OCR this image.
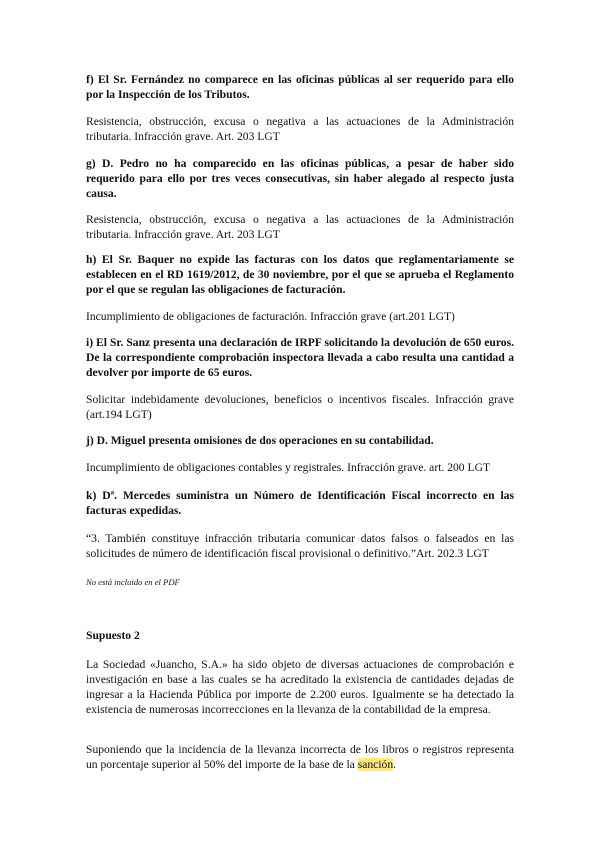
f) El Sr. Fernández no comparece en las oficinas públicas al ser requerido para ello por la Inspección de los Tributos.
Resistencia, obstrucción, excusa o negativa a las actuaciones de la Administración tributaria. Infracción grave. Art. 203 LGT
g) D. Pedro no ha comparecido en las oficinas públicas, a pesar de haber sido requerido para ello por tres veces consecutivas, sin haber alegado al respecto justa causa.
Resistencia, obstrucción, excusa o negativa a las actuaciones de la Administración tributaria. Infracción grave. Art. 203 LGT
h) El Sr. Baquer no expide las facturas con los datos que reglamentariamente se establecen en el RD 1619/2012, de 30 noviembre, por el que se aprueba el Reglamento por el que se regulan las obligaciones de facturación.
Incumplimiento de obligaciones de facturación. Infracción grave (art.201 LGT)
i) El Sr. Sanz presenta una declaración de IRPF solicitando la devolución de 650 euros. De la correspondiente comprobación inspectora llevada a cabo resulta una cantidad a devolver por importe de 65 euros.
Solicitar indebidamente devoluciones, beneficios o incentivos fiscales. Infracción grave (art.194 LGT)
j) D. Miguel presenta omisiones de dos operaciones en su contabilidad.
Incumplimiento de obligaciones contables y registrales. Infracción grave. art. 200 LGT
k) Dª. Mercedes suministra un Número de Identificación Fiscal incorrecto en las facturas expedidas.
“3. También constituye infracción tributaria comunicar datos falsos o falseados en las solicitudes de número de identificación fiscal provisional o definitivo.”Art. 202.3 LGT
No está incluido en el PDF
Supuesto 2
La Sociedad «Juancho, S.A.» ha sido objeto de diversas actuaciones de comprobación e investigación en base a las cuales se ha acreditado la existencia de cantidades dejadas de ingresar a la Hacienda Pública por importe de 2.200 euros. Igualmente se ha detectado la existencia de numerosas incorrecciones en la llevanza de la contabilidad de la empresa.
Suponiendo que la incidencia de la llevanza incorrecta de los libros o registros representa un porcentaje superior al 50% del importe de la base de la sanción.
